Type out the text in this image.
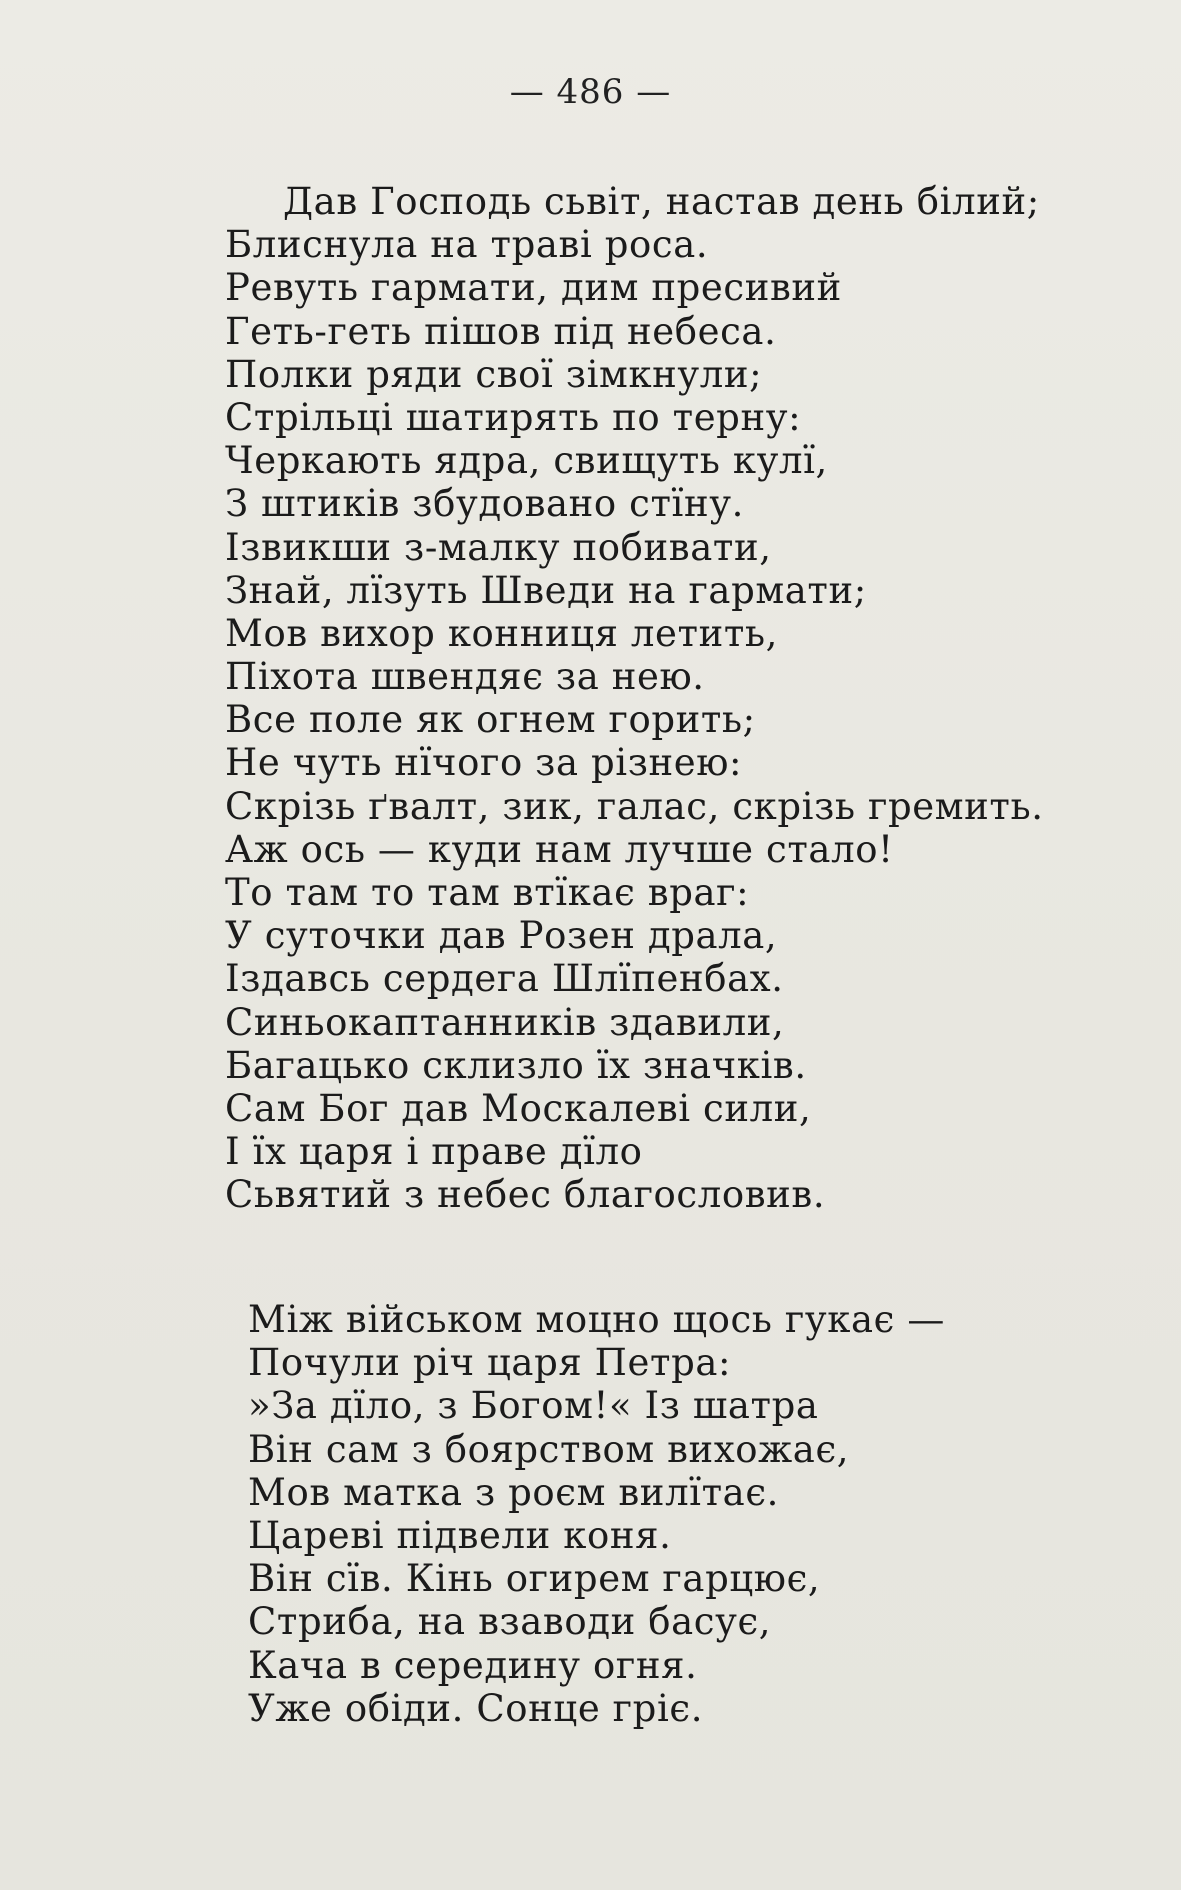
— 486 —
Дав Господь сьвіт, настав день білий;
Блиснула на траві роса.
Ревуть гармати, дим пресивий
Геть-геть пішов під небеса.
Полки ряди свої зімкнули;
Стрільці шатирять по терну:
Черкають ядра, свищуть кулї,
З штиків збудовано стїну.
Ізвикши з-малку побивати,
Знай, лїзуть Шведи на гармати;
Мов вихор конниця летить,
Піхота швендяє за нею.
Все поле як огнем горить;
Не чуть нїчого за різнею:
Скрізь ґвалт, зик, галас, скрізь гремить.
Аж ось — куди нам лучше стало!
То там то там втїкає враг:
У суточки дав Розен драла,
Іздавсь сердега Шлїпенбах.
Синьокаптанників здавили,
Багацько склизло їх значків.
Сам Бог дав Москалеві сили,
І їх царя і праве дїло
Сьвятий з небес благословив.
Між військом моцно щось гукає —
Почули річ царя Петра:
»За дїло, з Богом!« Із шатра
Він сам з боярством вихожає,
Мов матка з роєм вилїтає.
Цареві підвели коня.
Він сїв. Кінь огирем гарцює,
Стриба, на взаводи басує,
Кача в середину огня.
Уже обіди. Сонце гріє.
